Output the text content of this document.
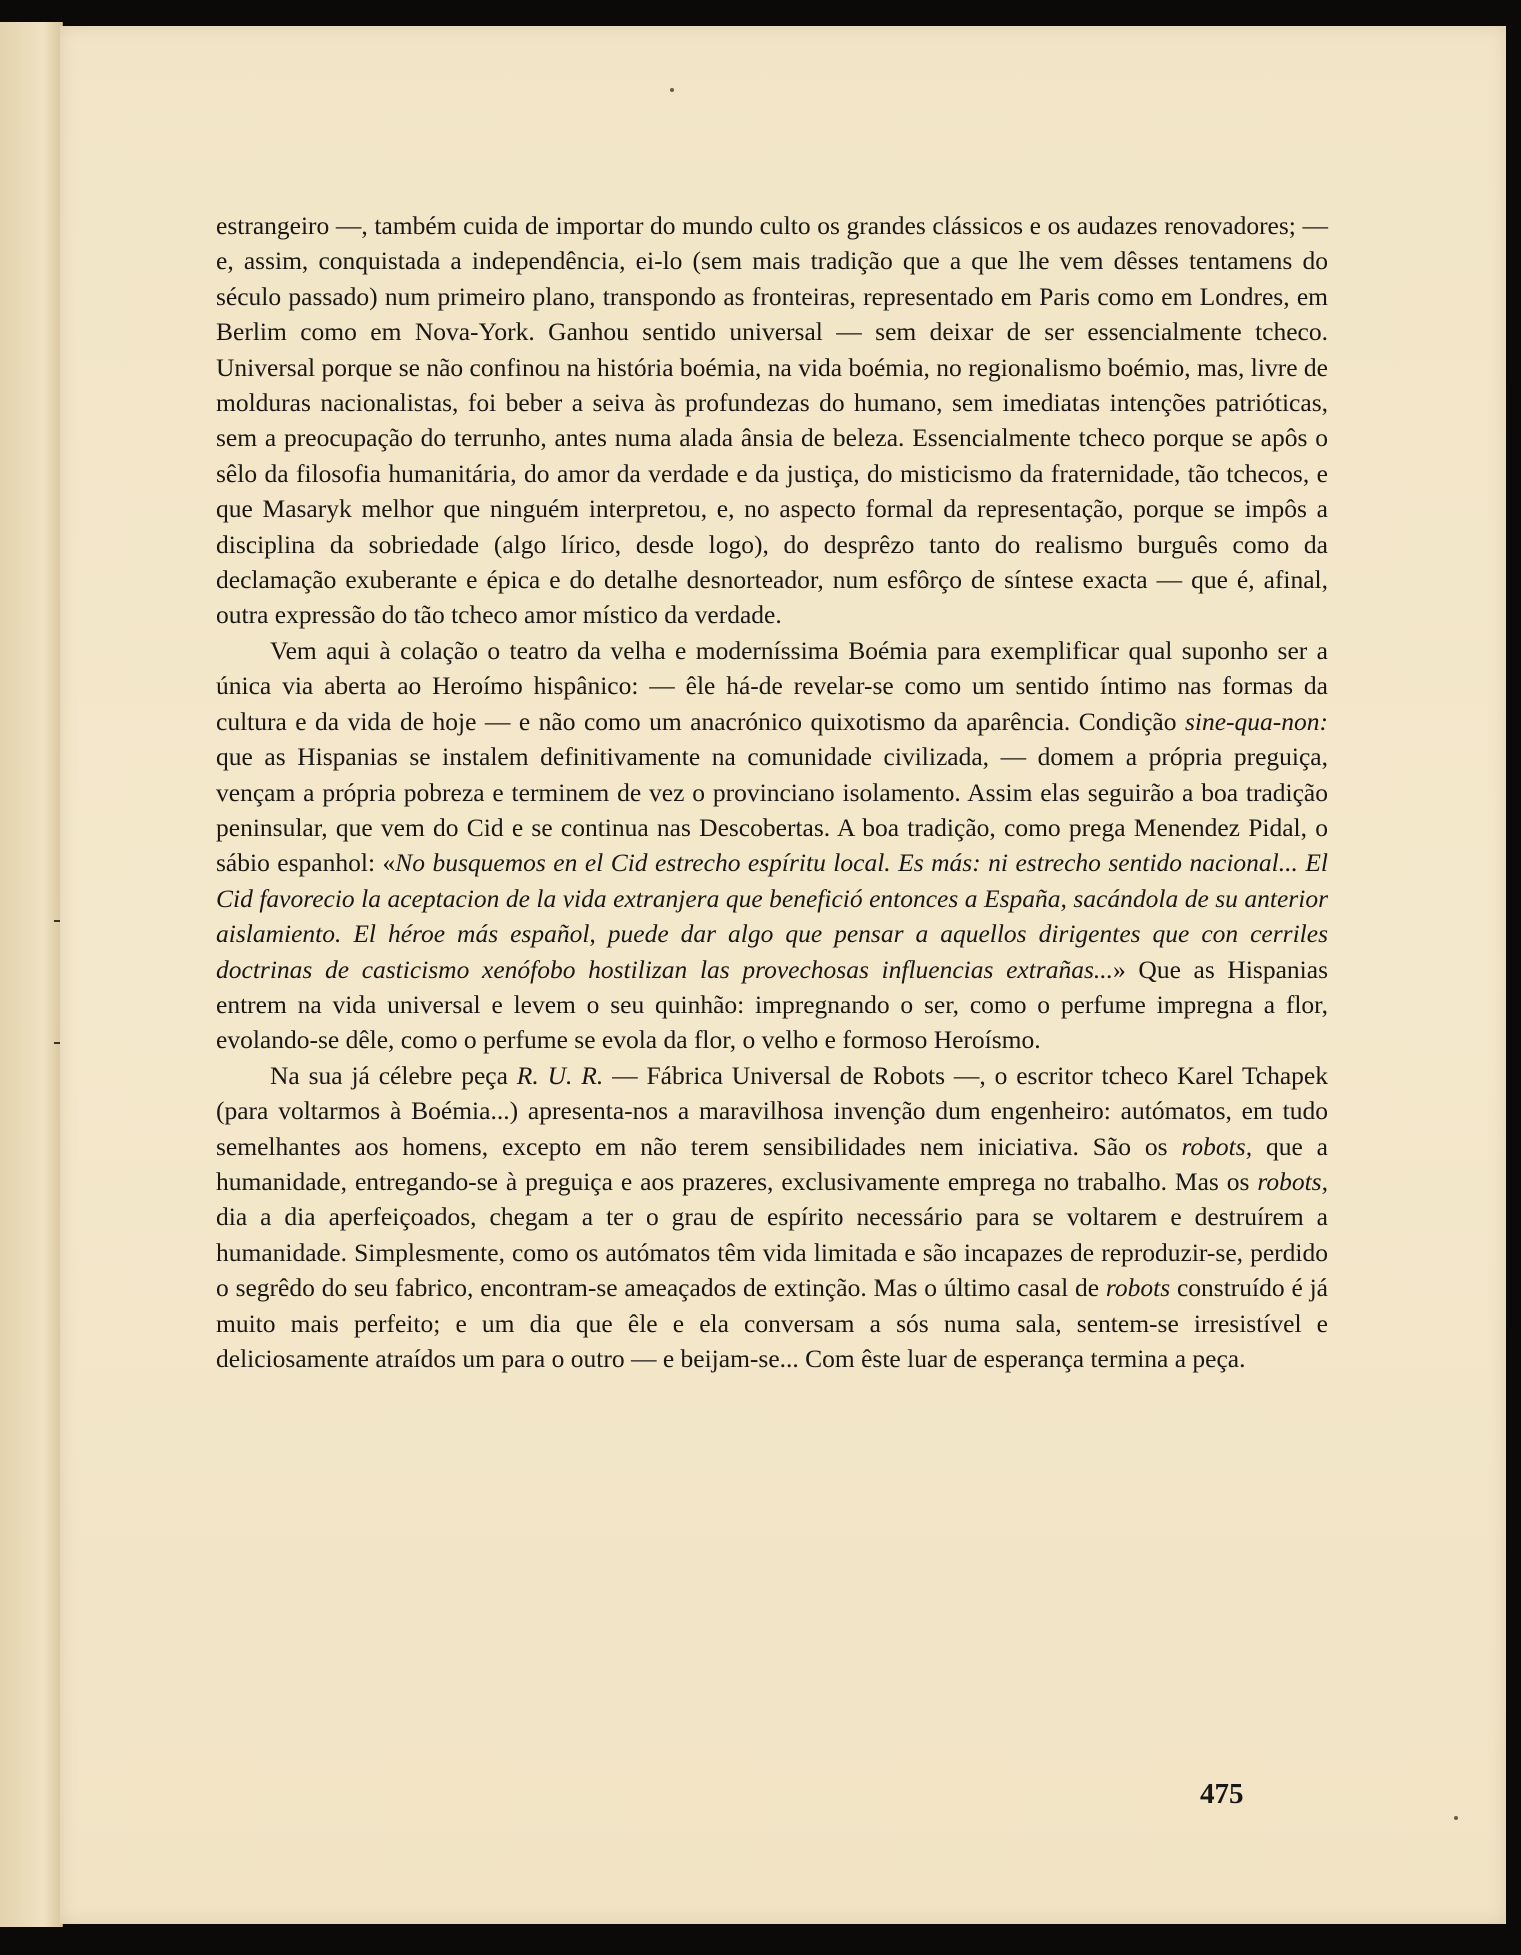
estrangeiro —, também cuida de importar do mundo culto os grandes clássicos e os audazes renovadores; — e, assim, conquistada a independência, ei-lo (sem mais tradição que a que lhe vem dêsses tentamens do século passado) num primeiro plano, transpondo as fronteiras, representado em Paris como em Londres, em Berlim como em Nova-York. Ganhou sentido universal — sem deixar de ser essencialmente tcheco. Universal porque se não confinou na história boémia, na vida boémia, no regionalismo boémio, mas, livre de molduras nacionalistas, foi beber a seiva às profundezas do humano, sem imediatas intenções patrióticas, sem a preocupação do terrunho, antes numa alada ânsia de beleza. Essencialmente tcheco porque se apôs o sêlo da filosofia humanitária, do amor da verdade e da justiça, do misticismo da fraternidade, tão tchecos, e que Masaryk melhor que ninguém interpretou, e, no aspecto formal da representação, porque se impôs a disciplina da sobriedade (algo lírico, desde logo), do desprêzo tanto do realismo burguês como da declamação exuberante e épica e do detalhe desnorteador, num esfôrço de síntese exacta — que é, afinal, outra expressão do tão tcheco amor místico da verdade.

Vem aqui à colação o teatro da velha e moderníssima Boémia para exemplificar qual suponho ser a única via aberta ao Heroímo hispânico: — êle há-de revelar-se como um sentido íntimo nas formas da cultura e da vida de hoje — e não como um anacrónico quixotismo da aparência. Condição sine-qua-non: que as Hispanias se instalem definitivamente na comunidade civilizada, — domem a própria preguiça, vençam a própria pobreza e terminem de vez o provinciano isolamento. Assim elas seguirão a boa tradição peninsular, que vem do Cid e se continua nas Descobertas. A boa tradição, como prega Menendez Pidal, o sábio espanhol: «No busquemos en el Cid estrecho espíritu local. Es más: ni estrecho sentido nacional... El Cid favorecio la aceptacion de la vida extranjera que benefició entonces a España, sacándola de su anterior aislamiento. El héroe más español, puede dar algo que pensar a aquellos dirigentes que con cerriles doctrinas de casticismo xenófobo hostilizan las provechosas influencias extrañas...» Que as Hispanias entrem na vida universal e levem o seu quinhão: impregnando o ser, como o perfume impregna a flor, evolando-se dêle, como o perfume se evola da flor, o velho e formoso Heroísmo.

Na sua já célebre peça R. U. R. — Fábrica Universal de Robots —, o escritor tcheco Karel Tchapek (para voltarmos à Boémia...) apresenta-nos a maravilhosa invenção dum engenheiro: autómatos, em tudo semelhantes aos homens, excepto em não terem sensibilidades nem iniciativa. São os robots, que a humanidade, entregando-se à preguiça e aos prazeres, exclusivamente emprega no trabalho. Mas os robots, dia a dia aperfeiçoados, chegam a ter o grau de espírito necessário para se voltarem e destruírem a humanidade. Simplesmente, como os autómatos têm vida limitada e são incapazes de reproduzir-se, perdido o segrêdo do seu fabrico, encontram-se ameaçados de extinção. Mas o último casal de robots construído é já muito mais perfeito; e um dia que êle e ela conversam a sós numa sala, sentem-se irresistível e deliciosamente atraídos um para o outro — e beijam-se... Com êste luar de esperança termina a peça.

475
